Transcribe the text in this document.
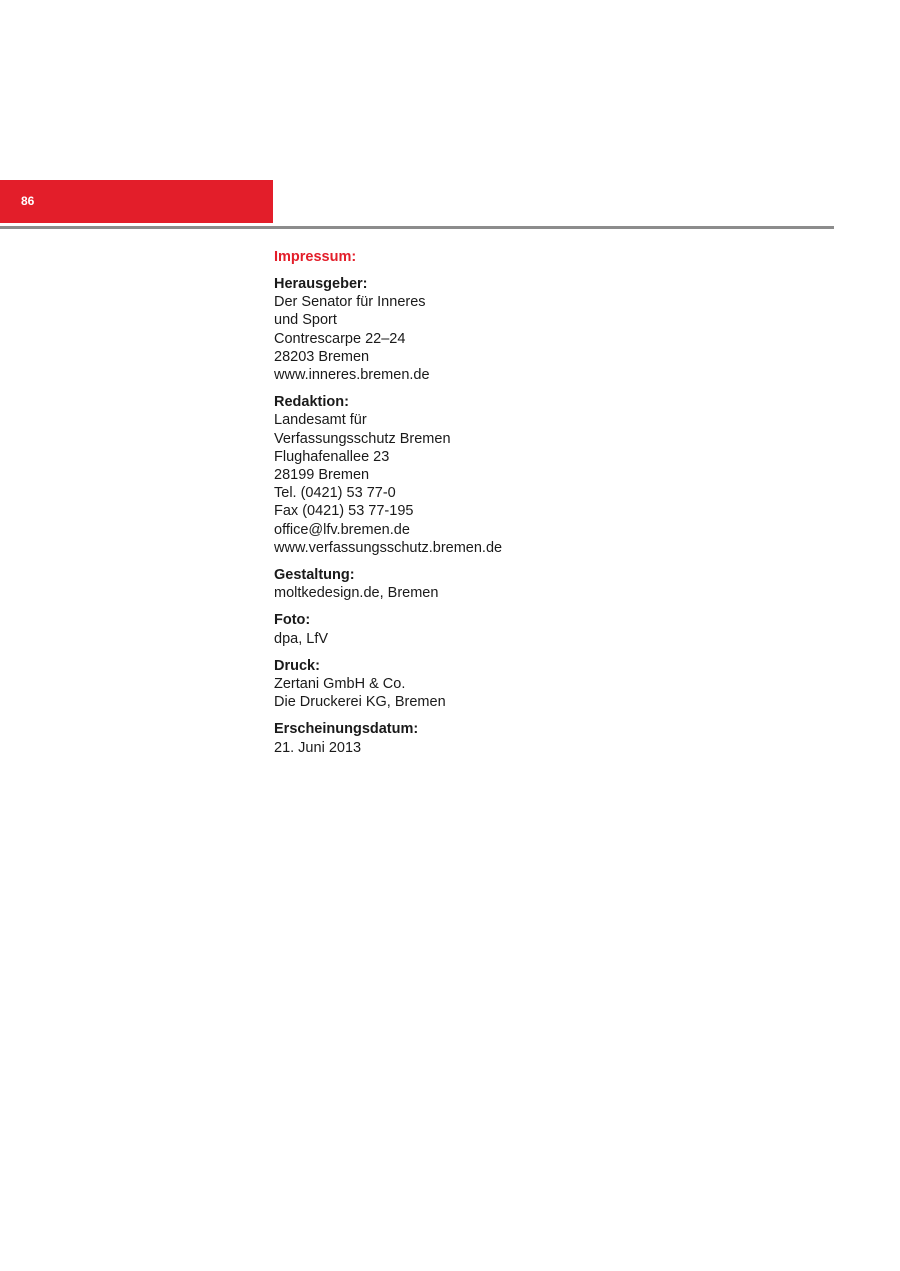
86
Impressum:
Herausgeber:
Der Senator für Inneres
und Sport
Contrescarpe 22–24
28203 Bremen
www.inneres.bremen.de
Redaktion:
Landesamt für
Verfassungsschutz Bremen
Flughafenallee 23
28199 Bremen
Tel. (0421) 53 77-0
Fax (0421) 53 77-195
office@lfv.bremen.de
www.verfassungsschutz.bremen.de
Gestaltung:
moltkedesign.de, Bremen
Foto:
dpa, LfV
Druck:
Zertani GmbH & Co.
Die Druckerei KG, Bremen
Erscheinungsdatum:
21. Juni 2013
